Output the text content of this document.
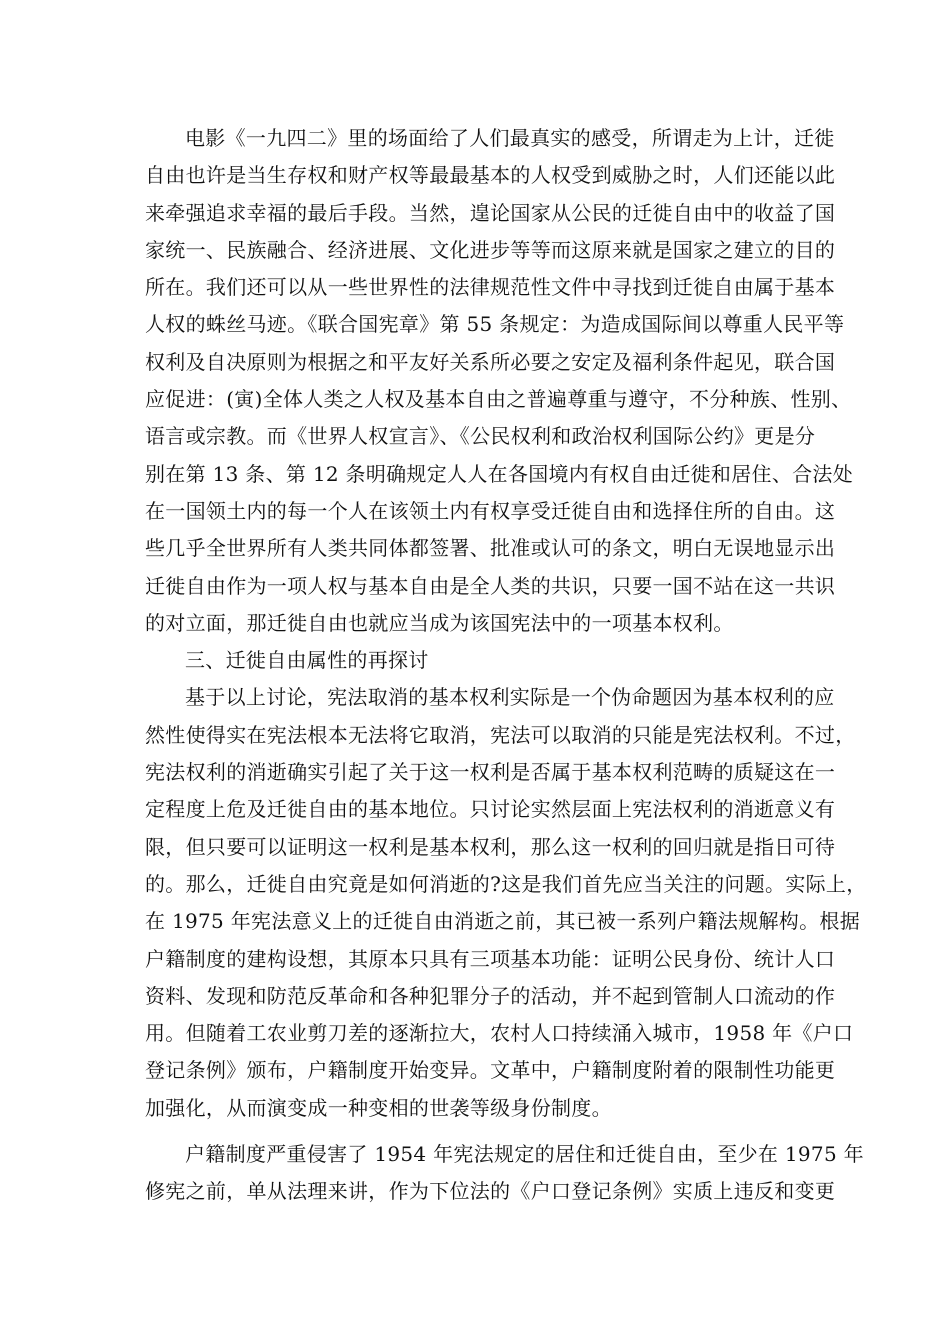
电影《一九四二》里的场面给了人们最真实的感受，所谓走为上计，迁徙
自由也许是当生存权和财产权等最最基本的人权受到威胁之时，人们还能以此
来牵强追求幸福的最后手段。当然，遑论国家从公民的迁徙自由中的收益了国
家统一、民族融合、经济进展、文化进步等等而这原来就是国家之建立的目的
所在。我们还可以从一些世界性的法律规范性文件中寻找到迁徙自由属于基本
人权的蛛丝马迹。《联合国宪章》第 55 条规定：为造成国际间以尊重人民平等
权利及自决原则为根据之和平友好关系所必要之安定及福利条件起见，联合国
应促进：(寅)全体人类之人权及基本自由之普遍尊重与遵守，不分种族、性别、
语言或宗教。而《世界人权宣言》、《公民权利和政治权利国际公约》更是分
别在第 13 条、第 12 条明确规定人人在各国境内有权自由迁徙和居住、合法处
在一国领土内的每一个人在该领土内有权享受迁徙自由和选择住所的自由。这
些几乎全世界所有人类共同体都签署、批准或认可的条文，明白无误地显示出
迁徙自由作为一项人权与基本自由是全人类的共识，只要一国不站在这一共识
的对立面，那迁徙自由也就应当成为该国宪法中的一项基本权利。
三、迁徙自由属性的再探讨
基于以上讨论，宪法取消的基本权利实际是一个伪命题因为基本权利的应
然性使得实在宪法根本无法将它取消，宪法可以取消的只能是宪法权利。不过，
宪法权利的消逝确实引起了关于这一权利是否属于基本权利范畴的质疑这在一
定程度上危及迁徙自由的基本地位。只讨论实然层面上宪法权利的消逝意义有
限，但只要可以证明这一权利是基本权利，那么这一权利的回归就是指日可待
的。那么，迁徙自由究竟是如何消逝的?这是我们首先应当关注的问题。实际上，
在 1975 年宪法意义上的迁徙自由消逝之前，其已被一系列户籍法规解构。根据
户籍制度的建构设想，其原本只具有三项基本功能：证明公民身份、统计人口
资料、发现和防范反革命和各种犯罪分子的活动，并不起到管制人口流动的作
用。但随着工农业剪刀差的逐渐拉大，农村人口持续涌入城市，1958 年《户口
登记条例》颁布，户籍制度开始变异。文革中，户籍制度附着的限制性功能更
加强化，从而演变成一种变相的世袭等级身份制度。
户籍制度严重侵害了 1954 年宪法规定的居住和迁徙自由，至少在 1975 年
修宪之前，单从法理来讲，作为下位法的《户口登记条例》实质上违反和变更
